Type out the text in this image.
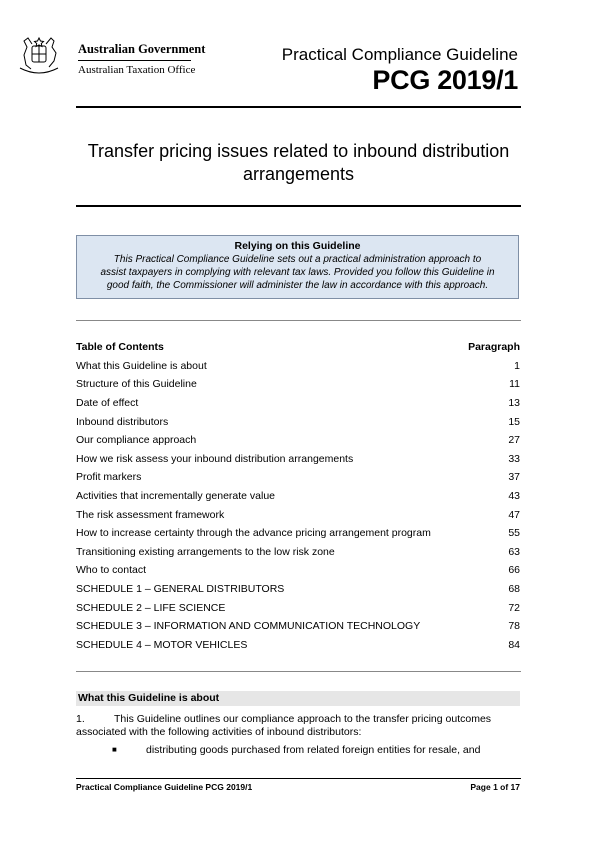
Australian Government
Australian Taxation Office
Practical Compliance Guideline
PCG 2019/1
Transfer pricing issues related to inbound distribution
arrangements
Relying on this Guideline
This Practical Compliance Guideline sets out a practical administration approach to
assist taxpayers in complying with relevant tax laws. Provided you follow this Guideline in
good faith, the Commissioner will administer the law in accordance with this approach.
Table of Contents	Paragraph
What this Guideline is about	1
Structure of this Guideline	11
Date of effect	13
Inbound distributors	15
Our compliance approach	27
How we risk assess your inbound distribution arrangements	33
Profit markers	37
Activities that incrementally generate value	43
The risk assessment framework	47
How to increase certainty through the advance pricing arrangement program	55
Transitioning existing arrangements to the low risk zone	63
Who to contact	66
SCHEDULE 1 – GENERAL DISTRIBUTORS	68
SCHEDULE 2 – LIFE SCIENCE	72
SCHEDULE 3 – INFORMATION AND COMMUNICATION TECHNOLOGY	78
SCHEDULE 4 – MOTOR VEHICLES	84
What this Guideline is about
1.	This Guideline outlines our compliance approach to the transfer pricing outcomes associated with the following activities of inbound distributors:
■	distributing goods purchased from related foreign entities for resale, and
Practical Compliance Guideline PCG 2019/1	Page 1 of 17
